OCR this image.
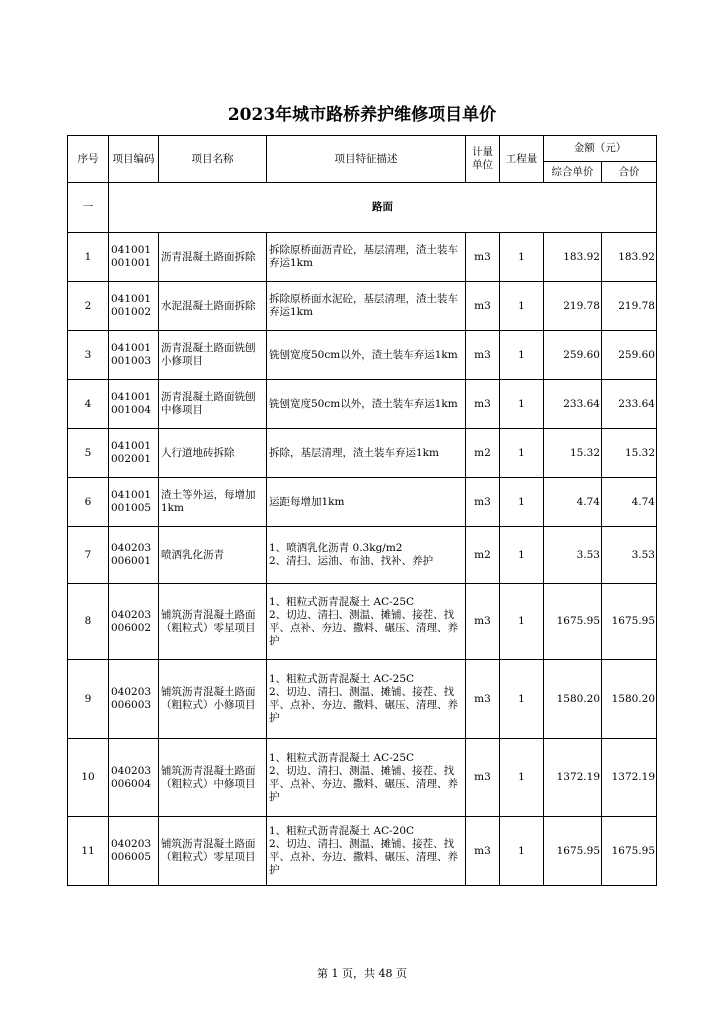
2023年城市路桥养护维修项目单价
序号	项目编码	项目名称	项目特征描述	计量单位	工程量	金额（元）	
						综合单价	合价
一	路面						
1	041001001001	沥青混凝土路面拆除	拆除原桥面沥青砼，基层清理，渣土装车弃运1km	m3	1	183.92	183.92
2	041001001002	水泥混凝土路面拆除	拆除原桥面水泥砼，基层清理，渣土装车弃运1km	m3	1	219.78	219.78
3	041001001003	沥青混凝土路面铣刨小修项目	铣刨宽度50cm以外，渣土装车弃运1km	m3	1	259.60	259.60
4	041001001004	沥青混凝土路面铣刨中修项目	铣刨宽度50cm以外，渣土装车弃运1km	m3	1	233.64	233.64
5	041001002001	人行道地砖拆除	拆除，基层清理，渣土装车弃运1km	m2	1	15.32	15.32
6	041001001005	渣土等外运，每增加1km	运距每增加1km	m3	1	4.74	4.74
7	040203006001	喷洒乳化沥青	1、喷洒乳化沥青 0.3kg/m2
2、清扫、运油、布油、找补、养护	m2	1	3.53	3.53
8	040203006002	铺筑沥青混凝土路面（粗粒式）零星项目	1、粗粒式沥青混凝土 AC-25C
2、切边、清扫、测温、摊铺、接茬、找平、点补、夯边、撒料、碾压、清理、养护	m3	1	1675.95	1675.95
9	040203006003	铺筑沥青混凝土路面（粗粒式）小修项目	1、粗粒式沥青混凝土 AC-25C
2、切边、清扫、测温、摊铺、接茬、找平、点补、夯边、撒料、碾压、清理、养护	m3	1	1580.20	1580.20
10	040203006004	铺筑沥青混凝土路面（粗粒式）中修项目	1、粗粒式沥青混凝土 AC-25C
2、切边、清扫、测温、摊铺、接茬、找平、点补、夯边、撒料、碾压、清理、养护	m3	1	1372.19	1372.19
11	040203006005	铺筑沥青混凝土路面（粗粒式）零星项目	1、粗粒式沥青混凝土 AC-20C
2、切边、清扫、测温、摊铺、接茬、找平、点补、夯边、撒料、碾压、清理、养护	m3	1	1675.95	1675.95
第 1 页，共 48 页
